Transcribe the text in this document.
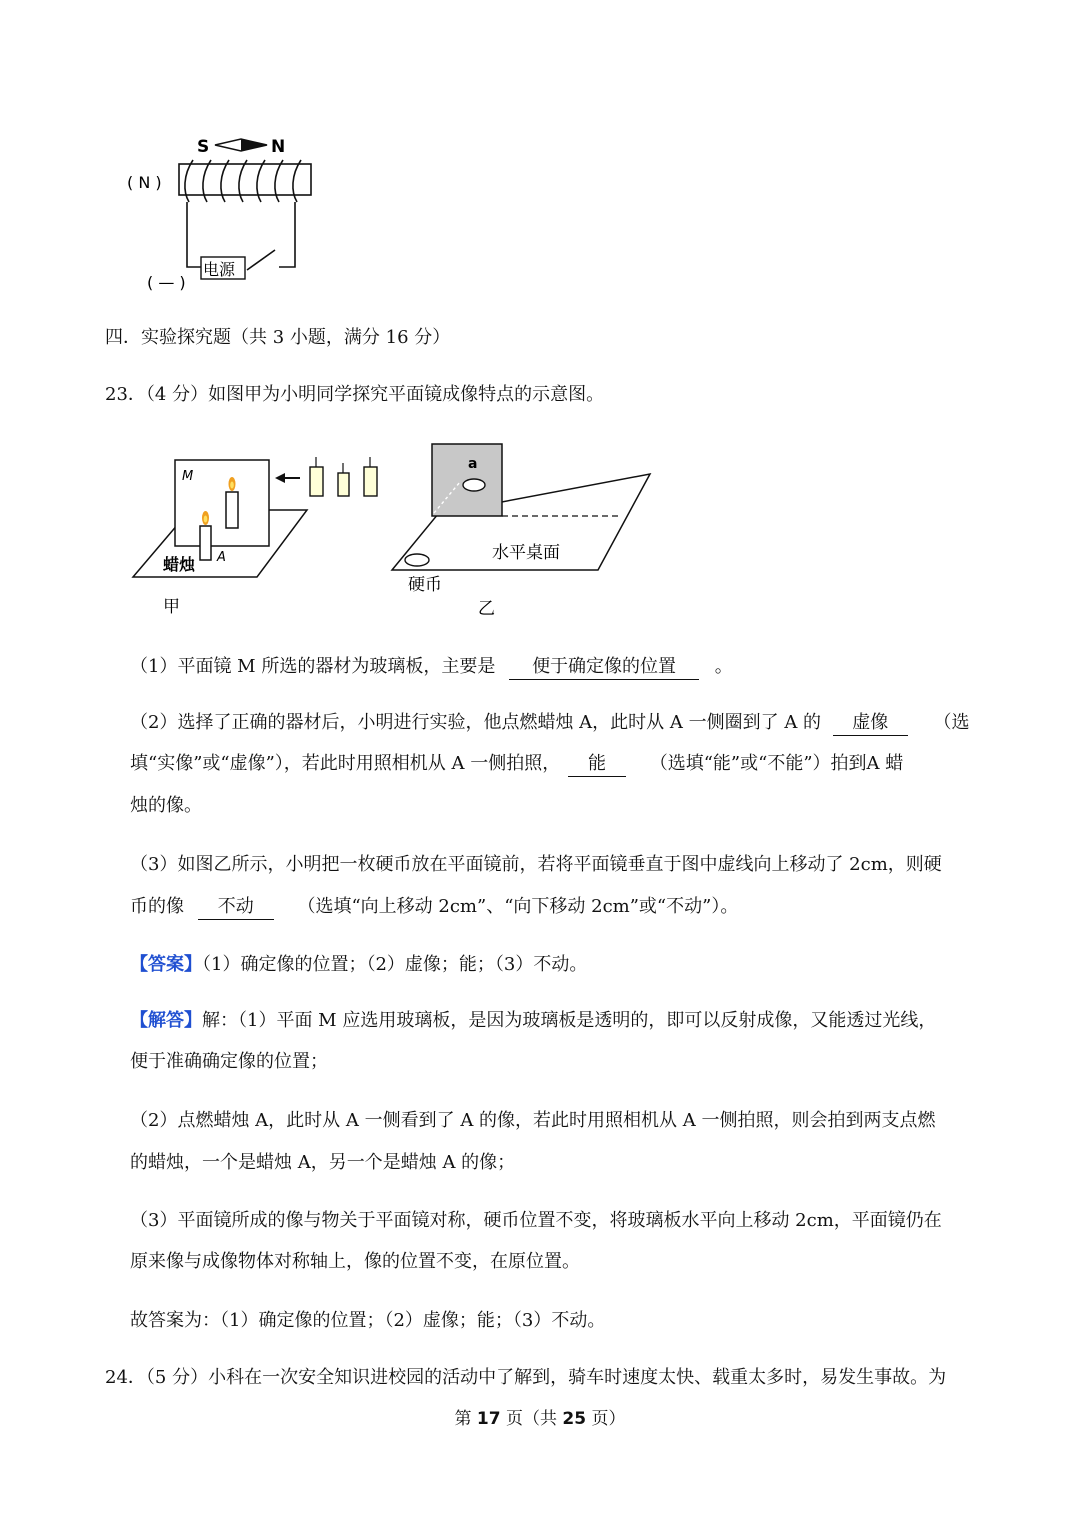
S	N
( N )
电源
( — )
四．实验探究题（共 3 小题，满分 16 分）
23．（4 分）如图甲为小明同学探究平面镜成像特点的示意图。
M
蜡烛 A
甲
a
水平桌面
硬币
乙
（1）平面镜 M 所选的器材为玻璃板，主要是 便于确定像的位置 。
（2）选择了正确的器材后，小明进行实验，他点燃蜡烛 A，此时从 A 一侧圈到了 A 的 虚像	（选
填“实像”或“虚像”），若此时用照相机从 A 一侧拍照， 能 （选填“能”或“不能”）拍到A 蜡
烛的像。
（3）如图乙所示，小明把一枚硬币放在平面镜前，若将平面镜垂直于图中虚线向上移动了 2cm，则硬
币的像 不动 （选填“向上移动 2cm”、“向下移动 2cm”或“不动”）。
【答案】（1）确定像的位置；（2）虚像；能；（3）不动。
【解答】解：（1）平面 M 应选用玻璃板，是因为玻璃板是透明的，即可以反射成像，又能透过光线，
便于准确确定像的位置；
（2）点燃蜡烛 A，此时从 A 一侧看到了 A 的像，若此时用照相机从 A 一侧拍照，则会拍到两支点燃
的蜡烛，一个是蜡烛 A，另一个是蜡烛 A 的像；
（3）平面镜所成的像与物关于平面镜对称，硬币位置不变，将玻璃板水平向上移动 2cm，平面镜仍在
原来像与成像物体对称轴上，像的位置不变，在原位置。
故答案为：（1）确定像的位置；（2）虚像；能；（3）不动。
24．（5 分）小科在一次安全知识进校园的活动中了解到，骑车时速度太快、载重太多时，易发生事故。为
第 17 页（共 25 页）
